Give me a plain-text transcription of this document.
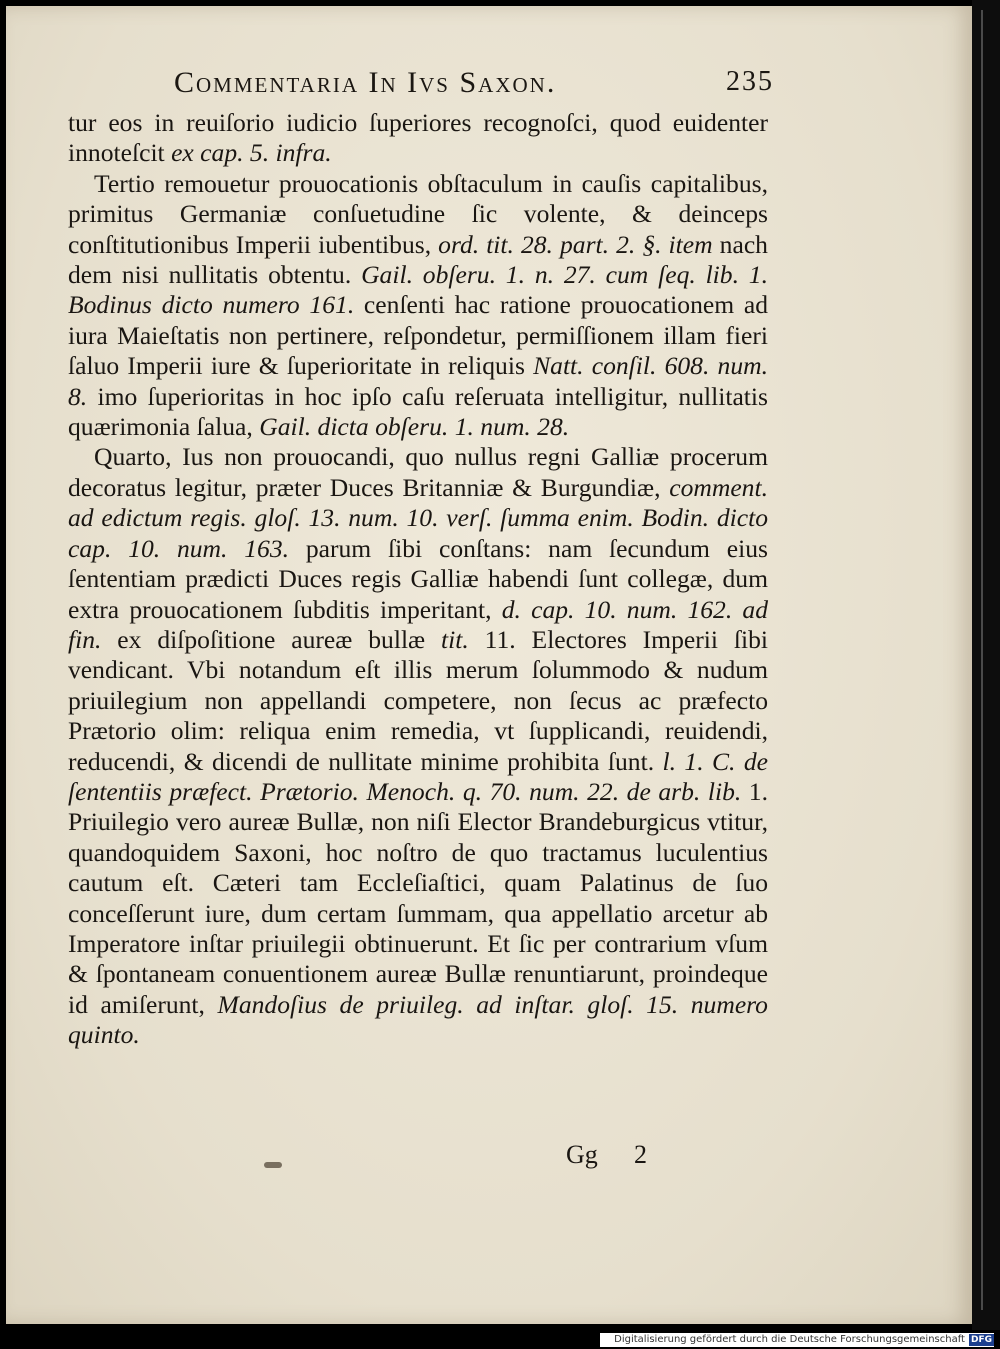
Commentaria In Ivs Saxon.	235

tur eos in reuiſorio iudicio ſuperiores recognoſci, quod euidenter innoteſcit ex cap. 5. infra.

Tertio remouetur prouocationis obſtaculum in cauſis capitalibus, primitus Germaniæ conſuetudine ſic volente, & deinceps conſtitutionibus Imperii iubentibus, ord. tit. 28. part. 2. §. item nach dem nisi nullitatis obtentu. Gail. obſeru. 1. n. 27. cum ſeq. lib. 1. Bodinus dicto numero 161. cenſenti hac ratione prouocationem ad iura Maieſtatis non pertinere, reſpondetur, permiſſionem illam fieri ſaluo Imperii iure & ſuperioritate in reliquis Natt. conſil. 608. num. 8. imo ſuperioritas in hoc ipſo caſu reſeruata intelligitur, nullitatis quærimonia ſalua, Gail. dicta obſeru. 1. num. 28.

Quarto, Ius non prouocandi, quo nullus regni Galliæ procerum decoratus legitur, præter Duces Britanniæ & Burgundiæ, comment. ad edictum regis. gloſ. 13. num. 10. verſ. ſumma enim. Bodin. dicto cap. 10. num. 163. parum ſibi conſtans: nam ſecundum eius ſententiam prædicti Duces regis Galliæ habendi ſunt collegæ, dum extra prouocationem ſubditis imperitant, d. cap. 10. num. 162. ad fin. ex diſpoſitione aureæ bullæ tit. 11. Electores Imperii ſibi vendicant. Vbi notandum eſt illis merum ſolummodo & nudum priuilegium non appellandi competere, non ſecus ac præfecto Prætorio olim: reliqua enim remedia, vt ſupplicandi, reuidendi, reducendi, & dicendi de nullitate minime prohibita ſunt. l. 1. C. de ſententiis præfect. Prætorio. Menoch. q. 70. num. 22. de arb. lib. 1. Priuilegio vero aureæ Bullæ, non niſi Elector Brandeburgicus vtitur, quandoquidem Saxoni, hoc noſtro de quo tractamus luculentius cautum eſt. Cæteri tam Eccleſiaſtici, quam Palatinus de ſuo conceſſerunt iure, dum certam ſummam, qua appellatio arcetur ab Imperatore inſtar priuilegii obtinuerunt. Et ſic per contrarium vſum & ſpontaneam conuentionem aureæ Bullæ renuntiarunt, proindeque id amiſerunt, Mandoſius de priuileg. ad inſtar. gloſ. 15. numero quinto.

Gg 2
Digitalisierung gefördert durch die Deutsche Forschungsgemeinschaft DFG
